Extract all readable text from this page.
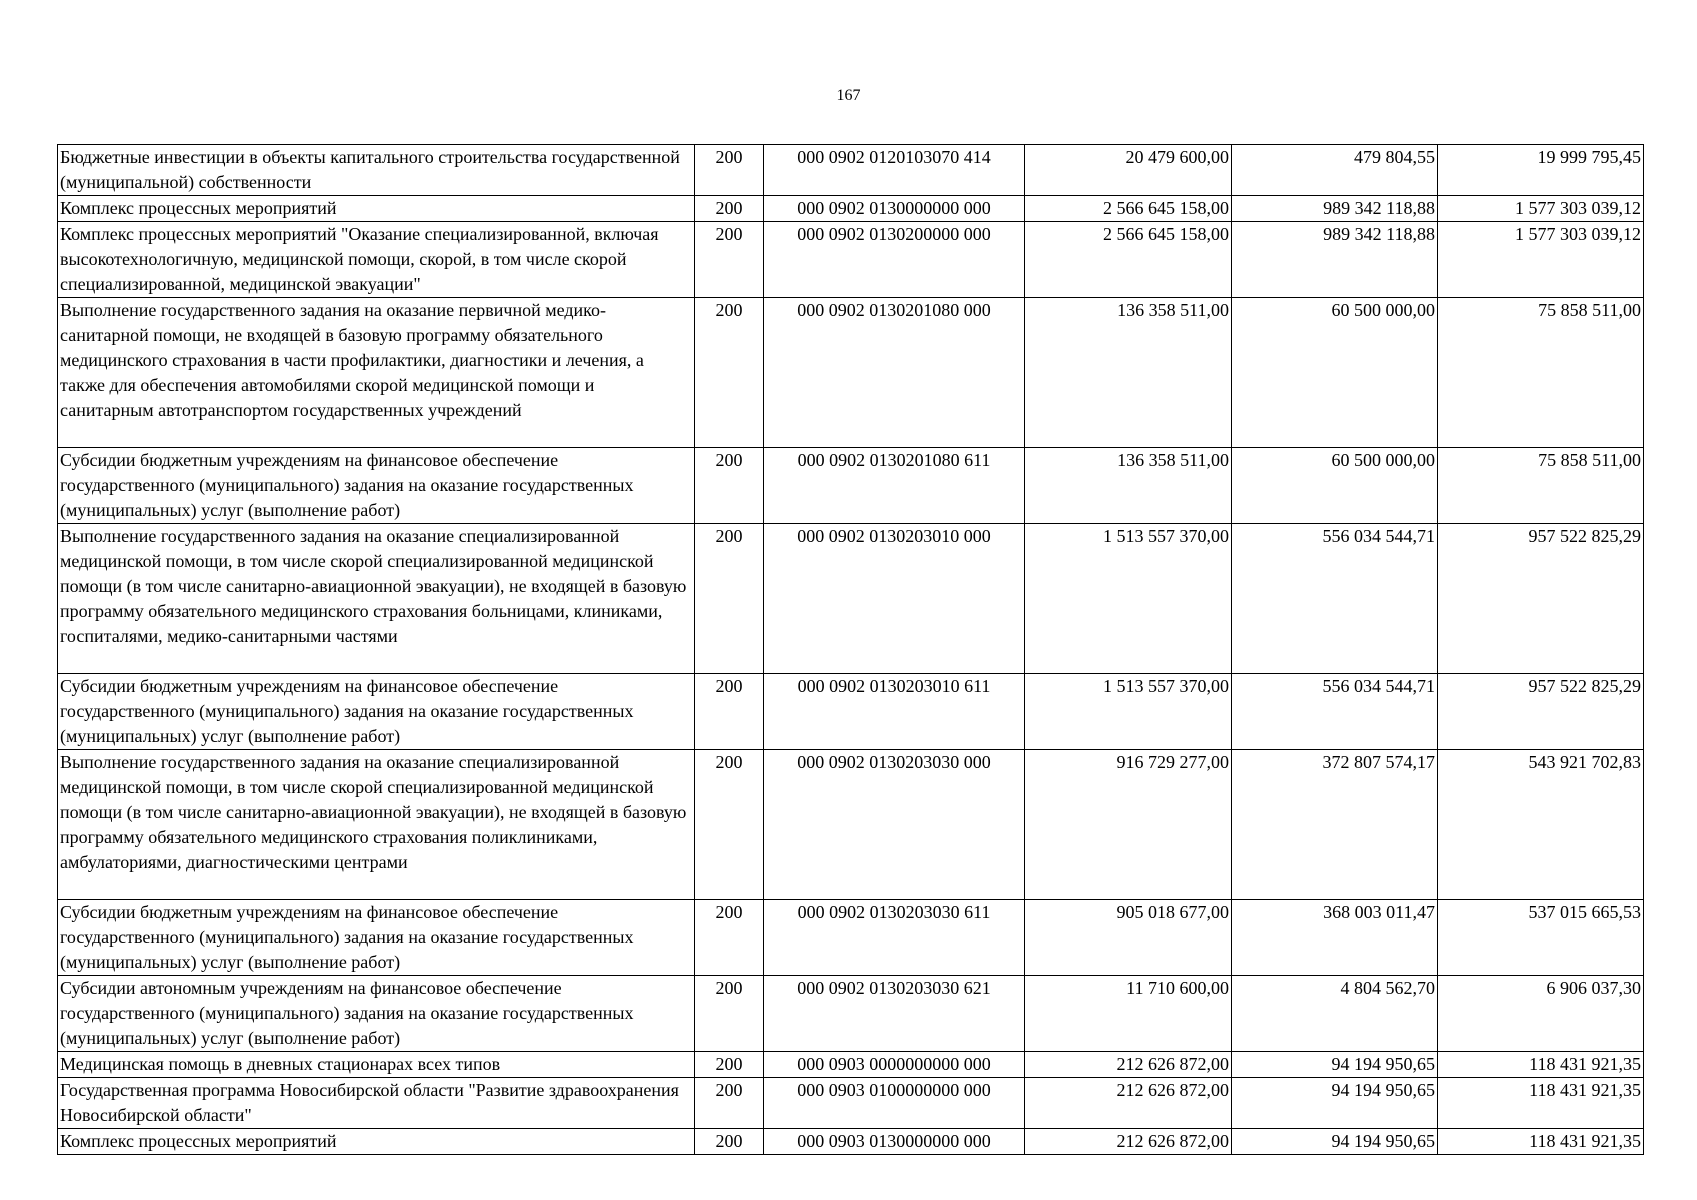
167
Бюджетные инвестиции в объекты капитального строительства государственной (муниципальной) собственности	200	000 0902 0120103070 414	20 479 600,00	479 804,55	19 999 795,45
Комплекс процессных мероприятий	200	000 0902 0130000000 000	2 566 645 158,00	989 342 118,88	1 577 303 039,12
Комплекс процессных мероприятий "Оказание специализированной, включая высокотехнологичную, медицинской помощи, скорой, в том числе скорой специализированной, медицинской эвакуации"	200	000 0902 0130200000 000	2 566 645 158,00	989 342 118,88	1 577 303 039,12
Выполнение государственного задания на оказание первичной медико-санитарной помощи, не входящей в базовую программу обязательного медицинского страхования в части профилактики, диагностики и лечения, а также для обеспечения автомобилями скорой медицинской помощи и санитарным автотранспортом государственных учреждений	200	000 0902 0130201080 000	136 358 511,00	60 500 000,00	75 858 511,00
Субсидии бюджетным учреждениям на финансовое обеспечение государственного (муниципального) задания на оказание государственных (муниципальных) услуг (выполнение работ)	200	000 0902 0130201080 611	136 358 511,00	60 500 000,00	75 858 511,00
Выполнение государственного задания на оказание специализированной медицинской помощи, в том числе скорой специализированной медицинской помощи (в том числе санитарно-авиационной эвакуации), не входящей в базовую программу обязательного медицинского страхования больницами, клиниками, госпиталями, медико-санитарными частями	200	000 0902 0130203010 000	1 513 557 370,00	556 034 544,71	957 522 825,29
Субсидии бюджетным учреждениям на финансовое обеспечение государственного (муниципального) задания на оказание государственных (муниципальных) услуг (выполнение работ)	200	000 0902 0130203010 611	1 513 557 370,00	556 034 544,71	957 522 825,29
Выполнение государственного задания на оказание специализированной медицинской помощи, в том числе скорой специализированной медицинской помощи (в том числе санитарно-авиационной эвакуации), не входящей в базовую программу обязательного медицинского страхования поликлиниками, амбулаториями, диагностическими центрами	200	000 0902 0130203030 000	916 729 277,00	372 807 574,17	543 921 702,83
Субсидии бюджетным учреждениям на финансовое обеспечение государственного (муниципального) задания на оказание государственных (муниципальных) услуг (выполнение работ)	200	000 0902 0130203030 611	905 018 677,00	368 003 011,47	537 015 665,53
Субсидии автономным учреждениям на финансовое обеспечение государственного (муниципального) задания на оказание государственных (муниципальных) услуг (выполнение работ)	200	000 0902 0130203030 621	11 710 600,00	4 804 562,70	6 906 037,30
Медицинская помощь в дневных стационарах всех типов	200	000 0903 0000000000 000	212 626 872,00	94 194 950,65	118 431 921,35
Государственная программа Новосибирской области "Развитие здравоохранения Новосибирской области"	200	000 0903 0100000000 000	212 626 872,00	94 194 950,65	118 431 921,35
Комплекс процессных мероприятий	200	000 0903 0130000000 000	212 626 872,00	94 194 950,65	118 431 921,35
